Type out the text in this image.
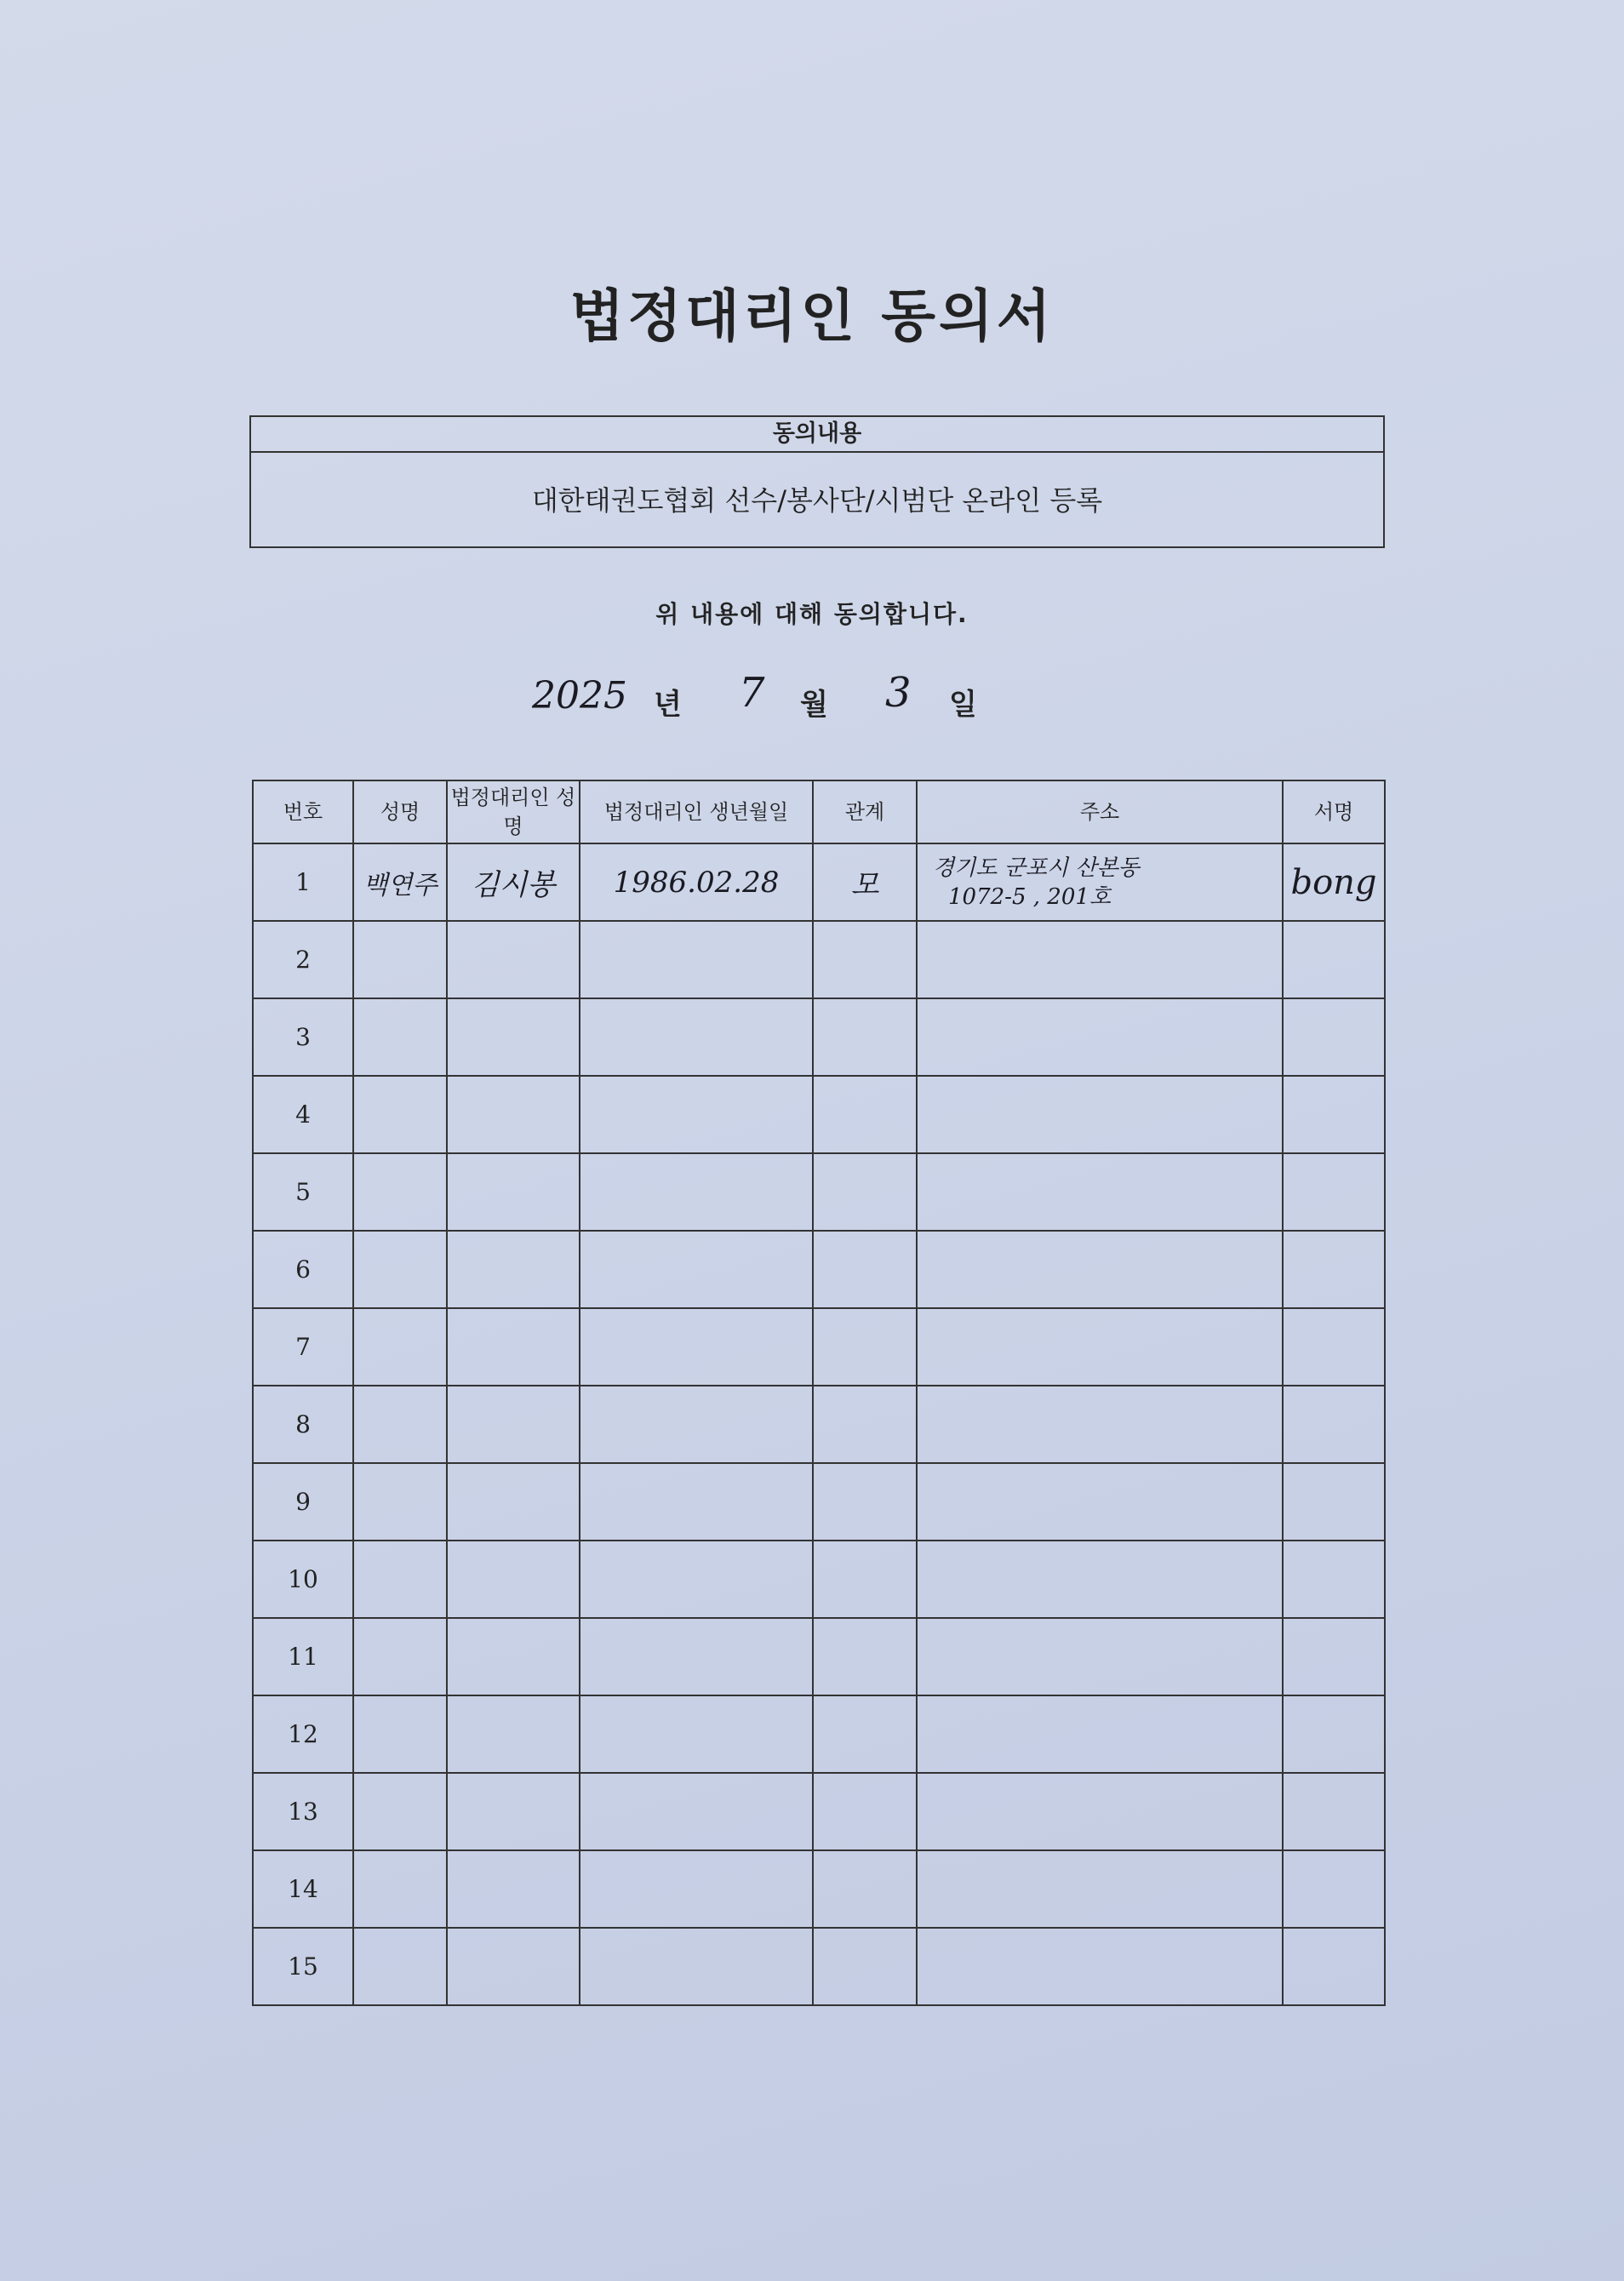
법정대리인 동의서
동의내용
대한태권도협회 선수/봉사단/시범단 온라인 등록
위 내용에 대해 동의합니다.
2025 년 7 월 3 일
번호	성명	법정대리인 성명	법정대리인 생년월일	관계	주소	서명
1	백연주	김시봉	1986.02.28	모	경기도 군포시 산본동
1072-5 , 201호	bong
2						
3						
4						
5						
6						
7						
8						
9						
10						
11						
12						
13						
14						
15						
